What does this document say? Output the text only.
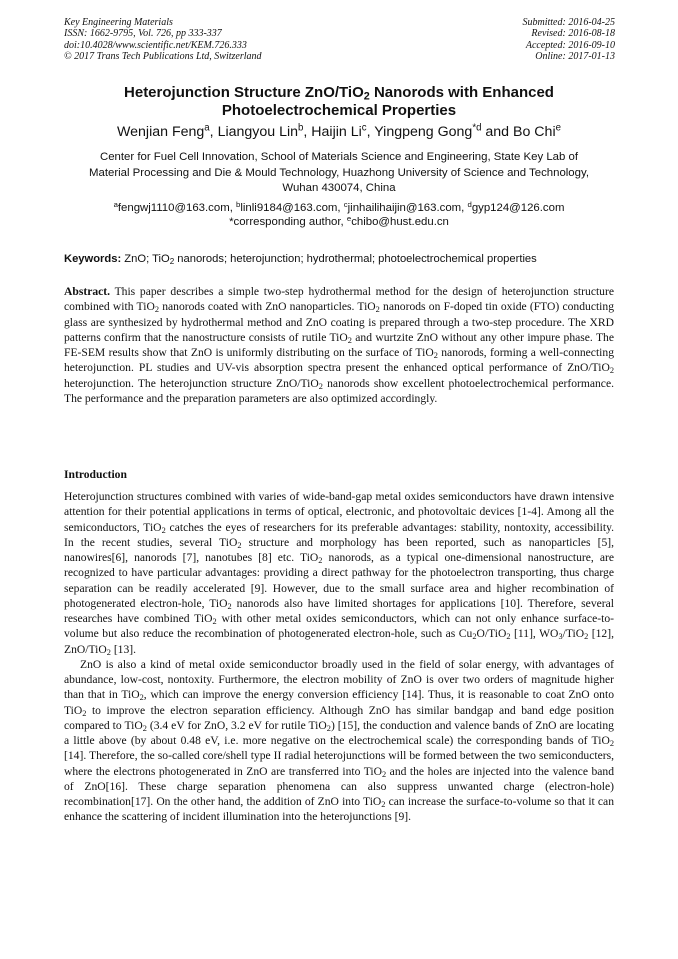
Key Engineering Materials
ISSN: 1662-9795, Vol. 726, pp 333-337
doi:10.4028/www.scientific.net/KEM.726.333
© 2017 Trans Tech Publications Ltd, Switzerland
Submitted: 2016-04-25
Revised: 2016-08-18
Accepted: 2016-09-10
Online: 2017-01-13
Heterojunction Structure ZnO/TiO$_2$ Nanorods with Enhanced
Photoelectrochemical Properties
Wenjian Feng$^a$, Liangyou Lin$^b$, Haijin Li$^c$, Yingpeng Gong$^{*d}$ and Bo Chi$^e$
Center for Fuel Cell Innovation, School of Materials Science and Engineering, State Key Lab of
Material Processing and Die & Mould Technology, Huazhong University of Science and Technology,
Wuhan 430074, China
$^a$fengwj1110@163.com, $^b$linli9184@163.com, $^c$jinhailihaijin@163.com, $^d$gyp124@126.com
*corresponding author, $^e$chibo@hust.edu.cn
Keywords: ZnO; TiO$_2$ nanorods; heterojunction; hydrothermal; photoelectrochemical properties
Abstract. This paper describes a simple two-step hydrothermal method for the design of heterojunction structure combined with TiO$_2$ nanorods coated with ZnO nanoparticles. TiO$_2$ nanorods on F-doped tin oxide (FTO) conducting glass are synthesized by hydrothermal method and ZnO coating is prepared through a two-step procedure. The XRD patterns confirm that the nanostructure consists of rutile TiO$_2$ and wurtzite ZnO without any other impure phase. The FE-SEM results show that ZnO is uniformly distributing on the surface of TiO$_2$ nanorods, forming a well-connecting heterojunction. PL studies and UV-vis absorption spectra present the enhanced optical performance of ZnO/TiO$_2$ heterojunction. The heterojunction structure ZnO/TiO$_2$ nanorods show excellent photoelectrochemical performance. The performance and the preparation parameters are also optimized accordingly.
Introduction

Heterojunction structures combined with varies of wide-band-gap metal oxides semiconductors have drawn intensive attention for their potential applications in terms of optical, electronic, and photovoltaic devices [1-4]. Among all the semiconductors, TiO$_2$ catches the eyes of researchers for its preferable advantages: stability, nontoxity, accessibility. In the recent studies, several TiO$_2$ structure and morphology has been reported, such as nanoparticles [5], nanowires[6], nanorods [7], nanotubes [8] etc. TiO$_2$ nanorods, as a typical one-dimensional nanostructure, are recognized to have particular advantages: providing a direct pathway for the photoelectron transporting, thus charge separation can be readily accelerated [9]. However, due to the small surface area and higher recombination of photogenerated electron-hole, TiO$_2$ nanorods also have limited shortages for applications [10]. Therefore, several researches have combined TiO$_2$ with other metal oxides semiconductors, which can not only enhance surface-to-volume but also reduce the recombination of photogenerated electron-hole, such as $Cu_2O/TiO_2$ [11], $WO_3/TiO_2$ [12], ZnO/TiO$_2$ [13].

ZnO is also a kind of metal oxide semiconductor broadly used in the field of solar energy, with advantages of abundance, low-cost, nontoxity. Furthermore, the electron mobility of ZnO is over two orders of magnitude higher than that in TiO$_2$, which can improve the energy conversion efficiency [14]. Thus, it is reasonable to coat ZnO onto TiO$_2$ to improve the electron separation efficiency. Although ZnO has similar bandgap and band edge position compared to TiO$_2$ (3.4 eV for ZnO, 3.2 eV for rutile TiO$_2$) [15], the conduction and valence bands of ZnO are locating a little above (by about 0.48 eV, i.e. more negative on the electrochemical scale) the corresponding bands of TiO$_2$ [14]. Therefore, the so-called core/shell type II radial heterojunctions will be formed between the two semiconducters, where the electrons photogenerated in ZnO are transferred into TiO$_2$ and the holes are injected into the valence band of ZnO[16]. These charge separation phenomena can also suppress unwanted charge (electron-hole) recombination[17]. On the other hand, the addition of ZnO into TiO$_2$ can increase the surface-to-volume so that it can enhance the scattering of incident illumination into the heterojunctions [9].
